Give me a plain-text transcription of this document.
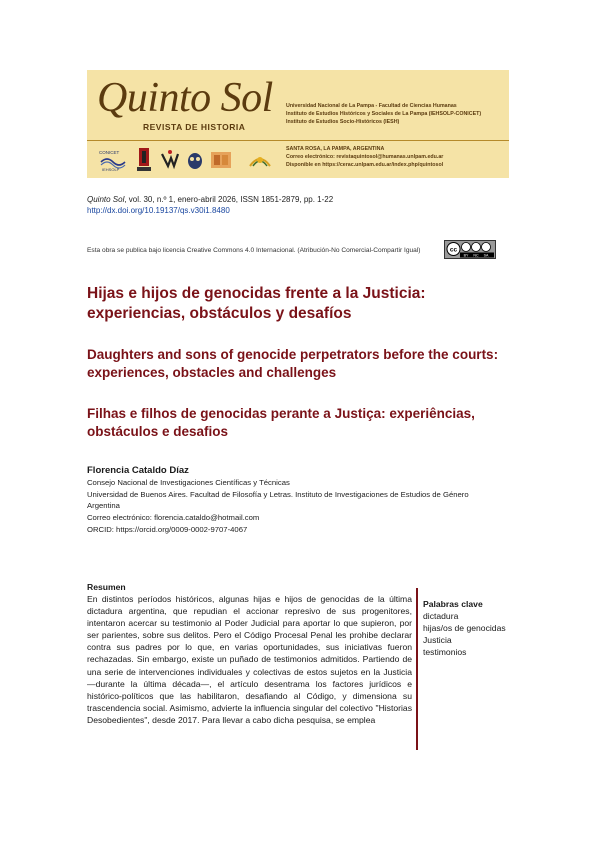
Quinto Sol
REVISTA DE HISTORIA
Universidad Nacional de La Pampa - Facultad de Ciencias Humanas
Instituto de Estudios Históricos y Sociales de La Pampa (IEHSOLP-CONICET)
Instituto de Estudios Socio-Históricos (IESH)
SANTA ROSA, LA PAMPA, ARGENTINA
Correo electrónico: revistaquintosol@humanas.unlpam.edu.ar
Disponible en https://cerac.unlpam.edu.ar/index.php/quintosol
CONICET
IEHSOLP
Quinto Sol, vol. 30, n.º 1, enero-abril 2026, ISSN 1851-2879, pp. 1-22
http://dx.doi.org/10.19137/qs.v30i1.8480
Esta obra se publica bajo licencia Creative Commons 4.0 Internacional. (Atribución-No Comercial-Compartir Igual)	cc
BY NC SA
Hijas e hijos de genocidas frente a la Justicia: experiencias, obstáculos y desafíos
Daughters and sons of genocide perpetrators before the courts: experiences, obstacles and challenges
Filhas e filhos de genocidas perante a Justiça: experiências, obstáculos e desafios
Florencia Cataldo Díaz
Consejo Nacional de Investigaciones Científicas y Técnicas
Universidad de Buenos Aires. Facultad de Filosofía y Letras. Instituto de Investigaciones de Estudios de Género
Argentina
Correo electrónico: florencia.cataldo@hotmail.com
ORCID: https://orcid.org/0009-0002-9707-4067
Resumen
En distintos períodos históricos, algunas hijas e hijos de genocidas de la última dictadura argentina, que repudian el accionar represivo de sus progenitores, intentaron acercar su testimonio al Poder Judicial para aportar lo que supieron, por ser parientes, sobre sus delitos. Pero el Código Procesal Penal les prohibe declarar contra sus padres por lo que, en varias oportunidades, sus iniciativas fueron rechazadas. Sin embargo, existe un puñado de testimonios admitidos. Partiendo de una serie de intervenciones individuales y colectivas de estos sujetos en la Justicia —durante la última década—, el artículo desentrama los factores jurídicos e histórico-políticos que las habilitaron, desafiando al Código, y dimensiona su trascendencia social. Asimismo, advierte la influencia singular del colectivo "Historias Desobedientes", desde 2017. Para llevar a cabo dicha pesquisa, se emplea
Palabras clave
dictadura
hijas/os de genocidas
Justicia
testimonios
